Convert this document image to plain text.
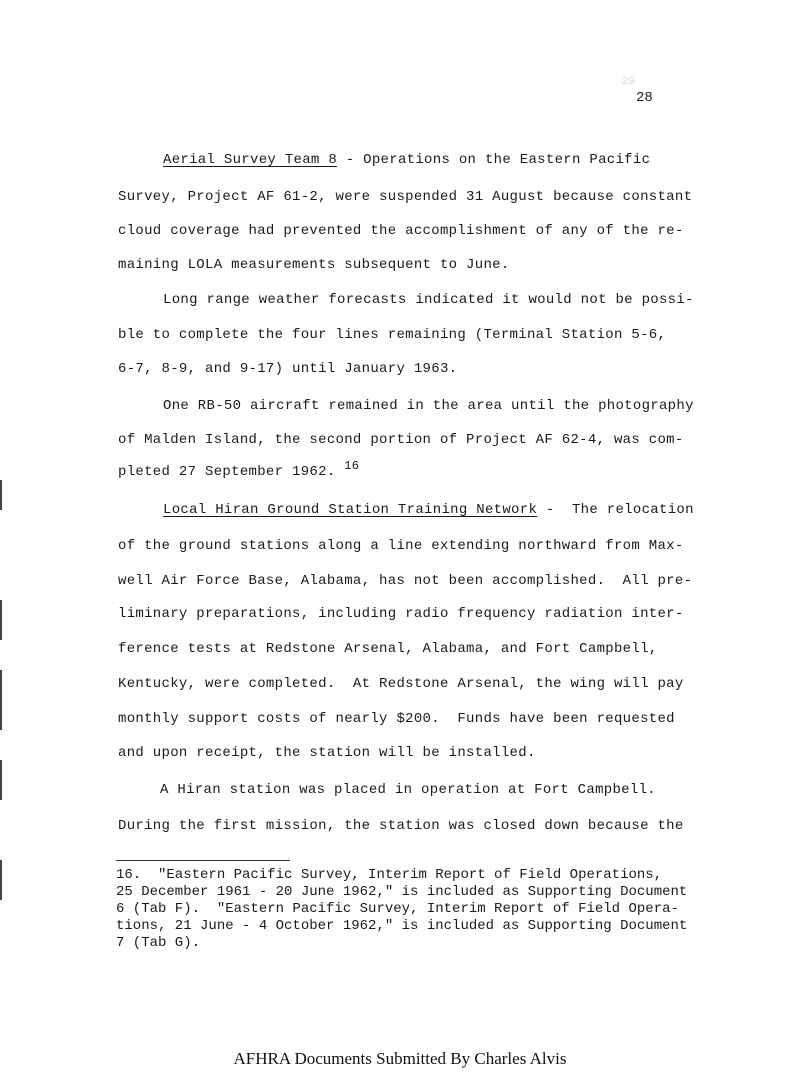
29
28
Aerial Survey Team 8 - Operations on the Eastern Pacific
Survey, Project AF 61-2, were suspended 31 August because constant
cloud coverage had prevented the accomplishment of any of the re-
maining LOLA measurements subsequent to June.
Long range weather forecasts indicated it would not be possi-
ble to complete the four lines remaining (Terminal Station 5-6,
6-7, 8-9, and 9-17) until January 1963.
One RB-50 aircraft remained in the area until the photography
of Malden Island, the second portion of Project AF 62-4, was com-
pleted 27 September 1962. 16
Local Hiran Ground Station Training Network -  The relocation
of the ground stations along a line extending northward from Max-
well Air Force Base, Alabama, has not been accomplished.  All pre-
liminary preparations, including radio frequency radiation inter-
ference tests at Redstone Arsenal, Alabama, and Fort Campbell,
Kentucky, were completed.  At Redstone Arsenal, the wing will pay
monthly support costs of nearly $200.  Funds have been requested
and upon receipt, the station will be installed.
A Hiran station was placed in operation at Fort Campbell.
During the first mission, the station was closed down because the
16.  "Eastern Pacific Survey, Interim Report of Field Operations,
25 December 1961 - 20 June 1962," is included as Supporting Document
6 (Tab F).  "Eastern Pacific Survey, Interim Report of Field Opera-
tions, 21 June - 4 October 1962," is included as Supporting Document
7 (Tab G).
AFHRA Documents Submitted By Charles Alvis
